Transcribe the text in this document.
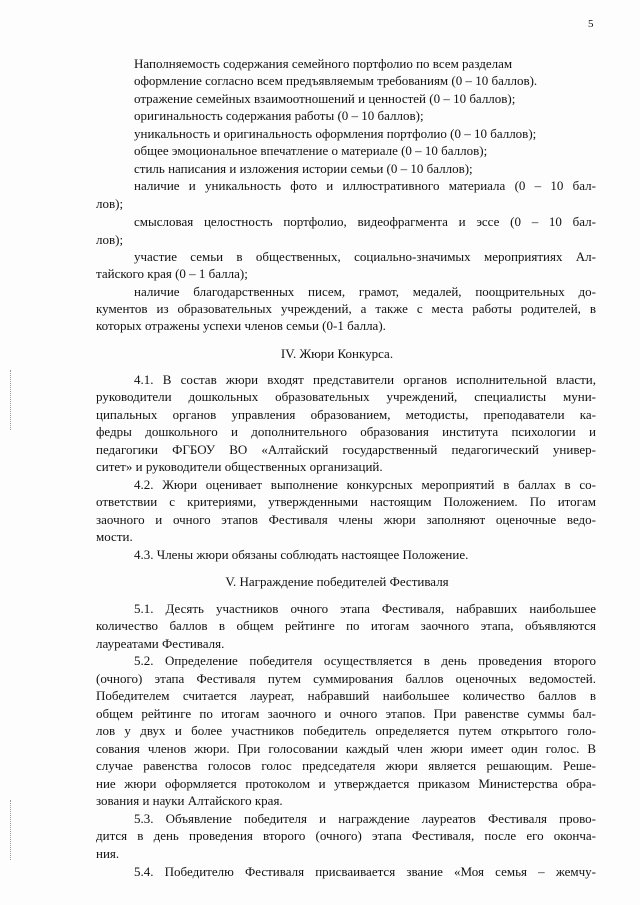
5
Наполняемость содержания семейного портфолио по всем разделам
оформление согласно всем предъявляемым требованиям (0 – 10 баллов).
отражение семейных взаимоотношений и ценностей (0 – 10 баллов);
оригинальность содержания работы (0 – 10 баллов);
уникальность и оригинальность оформления портфолио (0 – 10 баллов);
общее эмоциональное впечатление о материале (0 – 10 баллов);
стиль написания и изложения истории семьи (0 – 10 баллов);
наличие и уникальность фото и иллюстративного материала (0 – 10 бал-
лов);
смысловая целостность портфолио, видеофрагмента и эссе (0 – 10 бал-
лов);
участие семьи в общественных, социально-значимых мероприятиях Ал-
тайского края (0 – 1 балла);
наличие благодарственных писем, грамот, медалей, поощрительных до-
кументов из образовательных учреждений, а также с места работы родителей, в
которых отражены успехи членов семьи (0-1 балла).
IV. Жюри Конкурса.
4.1. В состав жюри входят представители органов исполнительной власти,
руководители дошкольных образовательных учреждений, специалисты муни-
ципальных органов управления образованием, методисты, преподаватели ка-
федры дошкольного и дополнительного образования института психологии и
педагогики ФГБОУ ВО «Алтайский государственный педагогический универ-
ситет» и руководители общественных организаций.
4.2. Жюри оценивает выполнение конкурсных мероприятий в баллах в со-
ответствии с критериями, утвержденными настоящим Положением. По итогам
заочного и очного этапов Фестиваля члены жюри заполняют оценочные ведо-
мости.
4.3. Члены жюри обязаны соблюдать настоящее Положение.
V. Награждение победителей Фестиваля
5.1. Десять участников очного этапа Фестиваля, набравших наибольшее
количество баллов в общем рейтинге по итогам заочного этапа, объявляются
лауреатами Фестиваля.
5.2. Определение победителя осуществляется в день проведения второго
(очного) этапа Фестиваля путем суммирования баллов оценочных ведомостей.
Победителем считается лауреат, набравший наибольшее количество баллов в
общем рейтинге по итогам заочного и очного этапов. При равенстве суммы бал-
лов у двух и более участников победитель определяется путем открытого голо-
сования членов жюри. При голосовании каждый член жюри имеет один голос. В
случае равенства голосов голос председателя жюри является решающим. Реше-
ние жюри оформляется протоколом и утверждается приказом Министерства обра-
зования и науки Алтайского края.
5.3. Объявление победителя и награждение лауреатов Фестиваля прово-
дится в день проведения второго (очного) этапа Фестиваля, после его оконча-
ния.
5.4. Победителю Фестиваля присваивается звание «Моя семья – жемчу-
